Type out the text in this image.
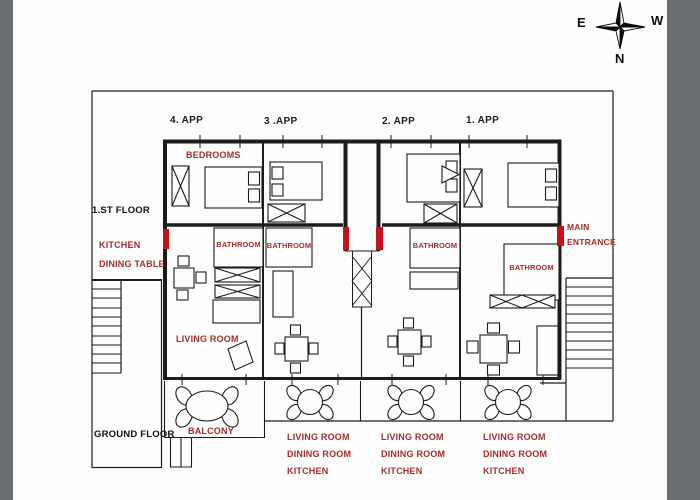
E	W
N
4. APP	3 .APP	2. APP	1. APP
1.ST FLOOR
GROUND FLOOR
BEDROOMS
KITCHEN
DINING TABLE
BATHROOM BATHROOM	BATHROOM
BATHROOM
LIVING ROOM
BALCONY
MAIN
ENTRANCE
LIVING ROOM
DINING ROOM
KITCHEN
LIVING ROOM
DINING ROOM
KITCHEN
LIVING ROOM
DINING ROOM
KITCHEN
